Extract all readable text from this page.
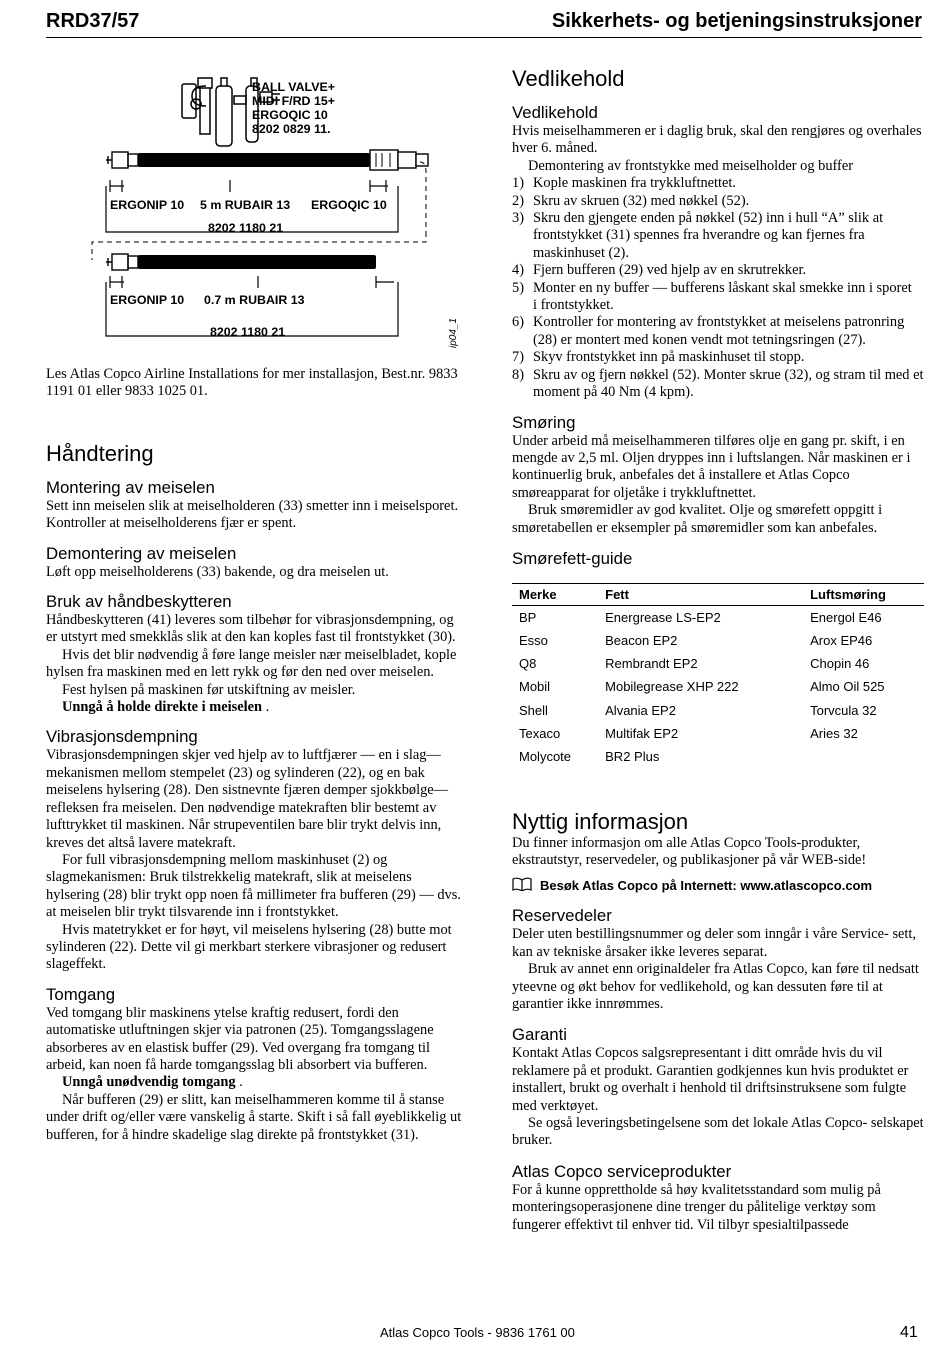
RRD37/57	Sikkerhets- og betjeningsinstruksjoner
BALL VALVE+
MIDI F/RD 15+
ERGOQIC 10
8202 0829 11.
ERGONIP 10 5 m RUBAIR 13 ERGOQIC 10
8202 1180 21
ERGONIP 10 0.7 m RUBAIR 13
8202 1180 21	ip04_1
Les Atlas Copco Airline Installations for mer installasjon, Best.nr. 9833 1191 01 eller 9833 1025 01.
Håndtering
Montering av meiselen
Sett inn meiselen slik at meiselholderen (33) smetter inn i meiselsporet. Kontroller at meiselholderens fjær er spent.
Demontering av meiselen
Løft opp meiselholderens (33) bakende, og dra meiselen ut.
Bruk av håndbeskytteren
Håndbeskytteren (41) leveres som tilbehør for vibrasjonsdempning, og er utstyrt med smekklås slik at den kan koples fast til frontstykket (30).
Hvis det blir nødvendig å føre lange meisler nær meiselbladet, kople hylsen fra maskinen med en lett rykk og før den ned over meiselen.
Fest hylsen på maskinen før utskiftning av meisler.
Unngå å holde direkte i meiselen .
Vibrasjonsdempning
Vibrasjonsdempningen skjer ved hjelp av to luftfjærer — en i slag— mekanismen mellom stempelet (23) og sylinderen (22), og en bak meiselens hylsering (28). Den sistnevnte fjæren demper sjokkbølge— refleksen fra meiselen. Den nødvendige matekraften blir bestemt av lufttrykket til maskinen. Når strupeventilen bare blir trykt delvis inn, kreves det altså lavere matekraft.
For full vibrasjonsdempning mellom maskinhuset (2) og slagmekanismen: Bruk tilstrekkelig matekraft, slik at meiselens hylsering (28) blir trykt opp noen få millimeter fra bufferen (29) — dvs. at meiselen blir trykt tilsvarende inn i frontstykket.
Hvis matetrykket er for høyt, vil meiselens hylsering (28) butte mot sylinderen (22). Dette vil gi merkbart sterkere vibrasjoner og redusert slageffekt.
Tomgang
Ved tomgang blir maskinens ytelse kraftig redusert, fordi den automatiske utluftningen skjer via patronen (25). Tomgangsslagene absorberes av en elastisk buffer (29). Ved overgang fra tomgang til arbeid, kan noen få harde tomgangsslag bli absorbert via bufferen.
Unngå unødvendig tomgang .
Når bufferen (29) er slitt, kan meiselhammeren komme til å stanse under drift og/eller være vanskelig å starte. Skift i så fall øyeblikkelig ut bufferen, for å hindre skadelige slag direkte på frontstykket (31).
Vedlikehold
Vedlikehold
Hvis meiselhammeren er i daglig bruk, skal den rengjøres og overhales hver 6. måned.
Demontering av frontstykke med meiselholder og buffer
1) Kople maskinen fra trykkluftnettet.
2) Skru av skruen (32) med nøkkel (52).
3) Skru den gjengete enden på nøkkel (52) inn i hull “A” slik at frontstykket (31) spennes fra hverandre og kan fjernes fra maskinhuset (2).
4) Fjern bufferen (29) ved hjelp av en skrutrekker.
5) Monter en ny buffer — bufferens låskant skal smekke inn i sporet
i frontstykket.
6) Kontroller for montering av frontstykket at meiselens patronring (28) er montert med konen vendt mot tetningsringen (27).
7) Skyv frontstykket inn på maskinhuset til stopp.
8) Skru av og fjern nøkkel (52). Monter skrue (32), og stram til med et moment på 40 Nm (4 kpm).
Smøring
Under arbeid må meiselhammeren tilføres olje en gang pr. skift, i en mengde av 2,5 ml. Oljen dryppes inn i luftslangen. Når maskinen er i kontinuerlig bruk, anbefales det å installere et Atlas Copco smøreapparat for oljetåke i trykkluftnettet.
Bruk smøremidler av god kvalitet. Olje og smørefett oppgitt i smøretabellen er eksempler på smøremidler som kan anbefales.
Smørefett-guide
Merke	Fett	Luftsmøring
BP	Energrease LS-EP2	Energol E46
Esso	Beacon EP2	Arox EP46
Q8	Rembrandt EP2	Chopin 46
Mobil	Mobilegrease XHP 222	Almo Oil 525
Shell	Alvania EP2	Torvcula 32
Texaco	Multifak EP2	Aries 32
Molycote	BR2 Plus	
Nyttig informasjon
Du finner informasjon om alle Atlas Copco Tools-produkter, ekstrautstyr, reservedeler, og publikasjoner på vår WEB-side!
Besøk Atlas Copco på Internett: www.atlascopco.com
Reservedeler
Deler uten bestillingsnummer og deler som inngår i våre Service- sett, kan av tekniske årsaker ikke leveres separat.
Bruk av annet enn originaldeler fra Atlas Copco, kan føre til nedsatt yteevne og økt behov for vedlikehold, og kan dessuten føre til at garantier ikke innrømmes.
Garanti
Kontakt Atlas Copcos salgsrepresentant i ditt område hvis du vil reklamere på et produkt. Garantien godkjennes kun hvis produktet er installert, brukt og overhalt i henhold til driftsinstruksene som fulgte med verktøyet.
Se også leveringsbetingelsene som det lokale Atlas Copco- selskapet bruker.
Atlas Copco serviceprodukter
For å kunne opprettholde så høy kvalitetsstandard som mulig på monteringsoperasjonene dine trenger du pålitelige verktøy som fungerer effektivt til enhver tid. Vil tilbyr spesialtilpassede
Atlas Copco Tools - 9836 1761 00	41
